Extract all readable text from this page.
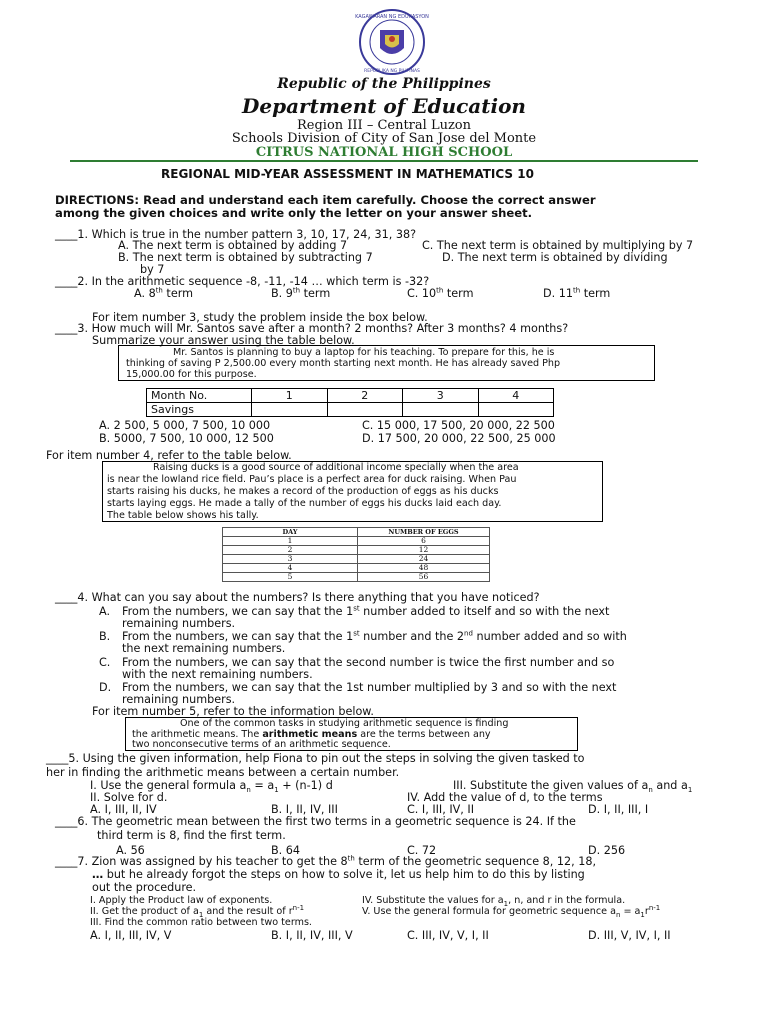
KAGAWARAN NG EDUKASYON
REPUBLIKA NG PILIPINAS
Republic of the Philippines
Department of Education
Region III – Central Luzon
Schools Division of City of San Jose del Monte
CITRUS NATIONAL HIGH SCHOOL
REGIONAL MID-YEAR ASSESSMENT IN MATHEMATICS 10
DIRECTIONS: Read and understand each item carefully. Choose the correct answer
among the given choices and write only the letter on your answer sheet.
____1. Which is true in the number pattern 3, 10, 17, 24, 31, 38?
A. The next term is obtained by adding 7	C. The next term is obtained by multiplying by 7
B. The next term is obtained by subtracting 7	D. The next term is obtained by dividing
by 7
____2. In the arithmetic sequence -8, -11, -14 … which term is -32?
A. 8th term	B. 9th term	C. 10th term	D. 11th term
For item number 3, study the problem inside the box below.
____3. How much will Mr. Santos save after a month? 2 months? After 3 months? 4 months?
Summarize your answer using the table below.
Mr. Santos is planning to buy a laptop for his teaching. To prepare for this, he is
thinking of saving P 2,500.00 every month starting next month. He has already saved Php
15,000.00 for this purpose.
Month No.	1	2	3	4
Savings				
A. 2 500, 5 000, 7 500, 10 000	C. 15 000, 17 500, 20 000, 22 500
B. 5000, 7 500, 10 000, 12 500	D. 17 500, 20 000, 22 500, 25 000
For item number 4, refer to the table below.
Raising ducks is a good source of additional income specially when the area
is near the lowland rice field. Pau’s place is a perfect area for duck raising. When Pau
starts raising his ducks, he makes a record of the production of eggs as his ducks
starts laying eggs. He made a tally of the number of eggs his ducks laid each day.
The table below shows his tally.
DAY	NUMBER OF EGGS
1	6
2	12
3	24
4	48
5	56
____4. What can you say about the numbers? Is there anything that you have noticed?
A. From the numbers, we can say that the 1st number added to itself and so with the next
remaining numbers.
B. From the numbers, we can say that the 1st number and the 2nd number added and so with
the next remaining numbers.
C. From the numbers, we can say that the second number is twice the first number and so
with the next remaining numbers.
D. From the numbers, we can say that the 1st number multiplied by 3 and so with the next
remaining numbers.
For item number 5, refer to the information below.
One of the common tasks in studying arithmetic sequence is finding
the arithmetic means. The arithmetic means are the terms between any
two nonconsecutive terms of an arithmetic sequence.
____5. Using the given information, help Fiona to pin out the steps in solving the given tasked to
her in finding the arithmetic means between a certain number.
I. Use the general formula $a_n = a_1 + (n-1)$ d	III. Substitute the given values of $a_n$ and $a_1$
II. Solve for d.	IV. Add the value of d, to the terms
A. I, III, II, IV	B. I, II, IV, III	C. I, III, IV, II	D. I, II, III, I
____6. The geometric mean between the first two terms in a geometric sequence is 24. If the
third term is 8, find the first term.
A. 56	B. 64	C. 72	D. 256
____7. Zion was assigned by his teacher to get the 8th term of the geometric sequence 8, 12, 18,
… but he already forgot the steps on how to solve it, let us help him to do this by listing
out the procedure.
I. Apply the Product law of exponents.	IV. Substitute the values for $a_1$, n, and r in the formula.
II. Get the product of $a_1$ and the result of $r^{n-1}$	V. Use the general formula for geometric sequence $a_n = a_1r^{n-1}$
III. Find the common ratio between two terms.
A. I, II, III, IV, V	B. I, II, IV, III, V	C. III, IV, V, I, II	D. III, V, IV, I, II
